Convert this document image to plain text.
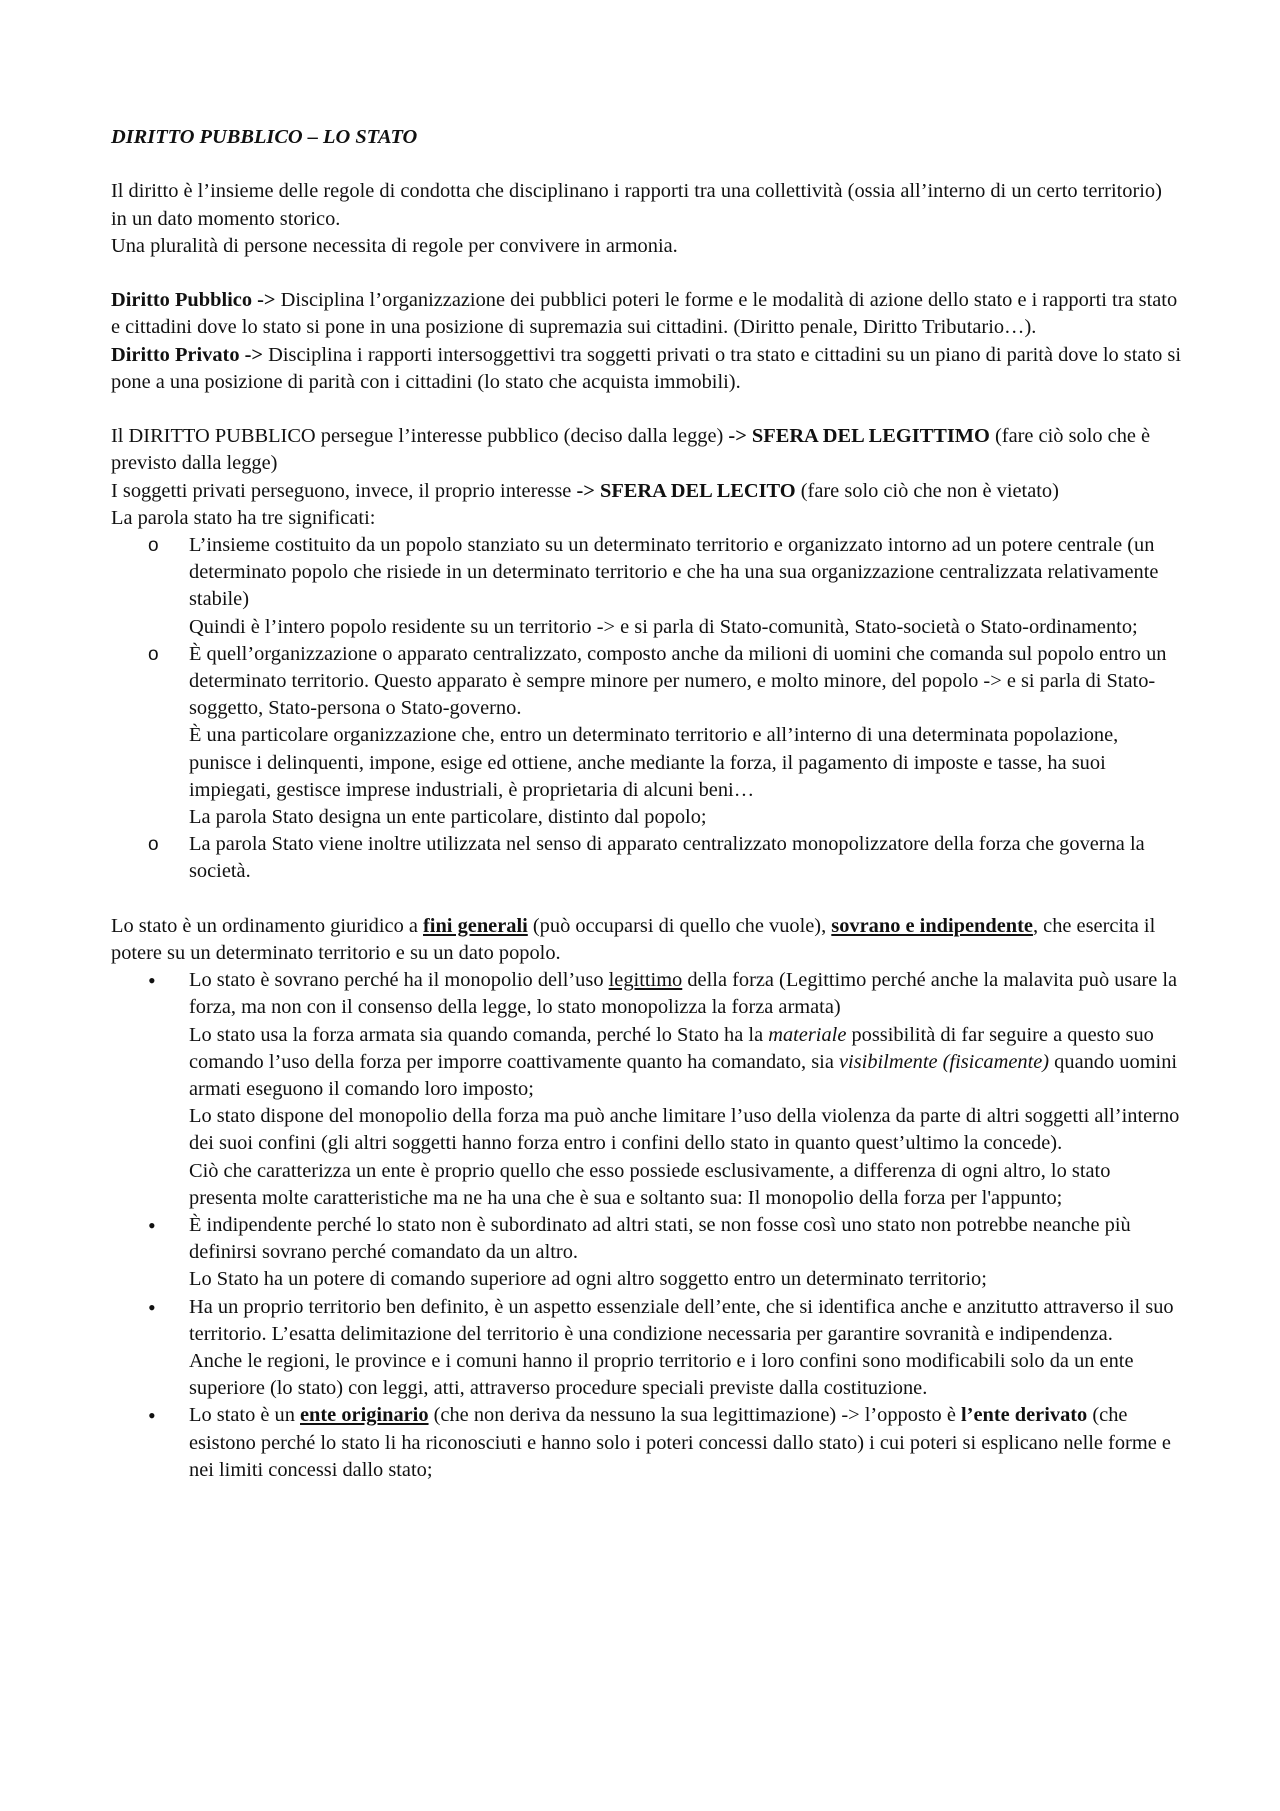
DIRITTO PUBBLICO – LO STATO

Il diritto è l’insieme delle regole di condotta che disciplinano i rapporti tra una collettività (ossia all’interno di un certo territorio) in un dato momento storico.

Una pluralità di persone necessita di regole per convivere in armonia.

Diritto Pubblico -> Disciplina l’organizzazione dei pubblici poteri le forme e le modalità di azione dello stato e i rapporti tra stato e cittadini dove lo stato si pone in una posizione di supremazia sui cittadini. (Diritto penale, Diritto Tributario…).

Diritto Privato -> Disciplina i rapporti intersoggettivi tra soggetti privati o tra stato e cittadini su un piano di parità dove lo stato si pone a una posizione di parità con i cittadini (lo stato che acquista immobili).

Il DIRITTO PUBBLICO persegue l’interesse pubblico (deciso dalla legge) -> SFERA DEL LEGITTIMO (fare ciò solo che è previsto dalla legge)

I soggetti privati perseguono, invece, il proprio interesse -> SFERA DEL LECITO (fare solo ciò che non è vietato)

La parola stato ha tre significati:

o	L’insieme costituito da un popolo stanziato su un determinato territorio e organizzato intorno ad un potere centrale (un determinato popolo che risiede in un determinato territorio e che ha una sua organizzazione centralizzata relativamente stabile)
Quindi è l’intero popolo residente su un territorio -> e si parla di Stato-comunità, Stato-società o Stato-ordinamento;
o	È quell’organizzazione o apparato centralizzato, composto anche da milioni di uomini che comanda sul popolo entro un determinato territorio. Questo apparato è sempre minore per numero, e molto minore, del popolo -> e si parla di Stato-soggetto, Stato-persona o Stato-governo.
È una particolare organizzazione che, entro un determinato territorio e all’interno di una determinata popolazione, punisce i delinquenti, impone, esige ed ottiene, anche mediante la forza, il pagamento di imposte e tasse, ha suoi impiegati, gestisce imprese industriali, è proprietaria di alcuni beni…
La parola Stato designa un ente particolare, distinto dal popolo;
o	La parola Stato viene inoltre utilizzata nel senso di apparato centralizzato monopolizzatore della forza che governa la società.

Lo stato è un ordinamento giuridico a fini generali (può occuparsi di quello che vuole), sovrano e indipendente, che esercita il potere su un determinato territorio e su un dato popolo.

•	Lo stato è sovrano perché ha il monopolio dell’uso legittimo della forza (Legittimo perché anche la malavita può usare la forza, ma non con il consenso della legge, lo stato monopolizza la forza armata)
Lo stato usa la forza armata sia quando comanda, perché lo Stato ha la materiale possibilità di far seguire a questo suo comando l’uso della forza per imporre coattivamente quanto ha comandato, sia visibilmente (fisicamente) quando uomini armati eseguono il comando loro imposto;
Lo stato dispone del monopolio della forza ma può anche limitare l’uso della violenza da parte di altri soggetti all’interno dei suoi confini (gli altri soggetti hanno forza entro i confini dello stato in quanto quest’ultimo la concede).
Ciò che caratterizza un ente è proprio quello che esso possiede esclusivamente, a differenza di ogni altro, lo stato presenta molte caratteristiche ma ne ha una che è sua e soltanto sua: Il monopolio della forza per l'appunto;
•	È indipendente perché lo stato non è subordinato ad altri stati, se non fosse così uno stato non potrebbe neanche più definirsi sovrano perché comandato da un altro.
Lo Stato ha un potere di comando superiore ad ogni altro soggetto entro un determinato territorio;
•	Ha un proprio territorio ben definito, è un aspetto essenziale dell’ente, che si identifica anche e anzitutto attraverso il suo territorio. L’esatta delimitazione del territorio è una condizione necessaria per garantire sovranità e indipendenza.
Anche le regioni, le province e i comuni hanno il proprio territorio e i loro confini sono modificabili solo da un ente superiore (lo stato) con leggi, atti, attraverso procedure speciali previste dalla costituzione.
•	Lo stato è un ente originario (che non deriva da nessuno la sua legittimazione) -> l’opposto è l’ente derivato (che esistono perché lo stato li ha riconosciuti e hanno solo i poteri concessi dallo stato) i cui poteri si esplicano nelle forme e nei limiti concessi dallo stato;
